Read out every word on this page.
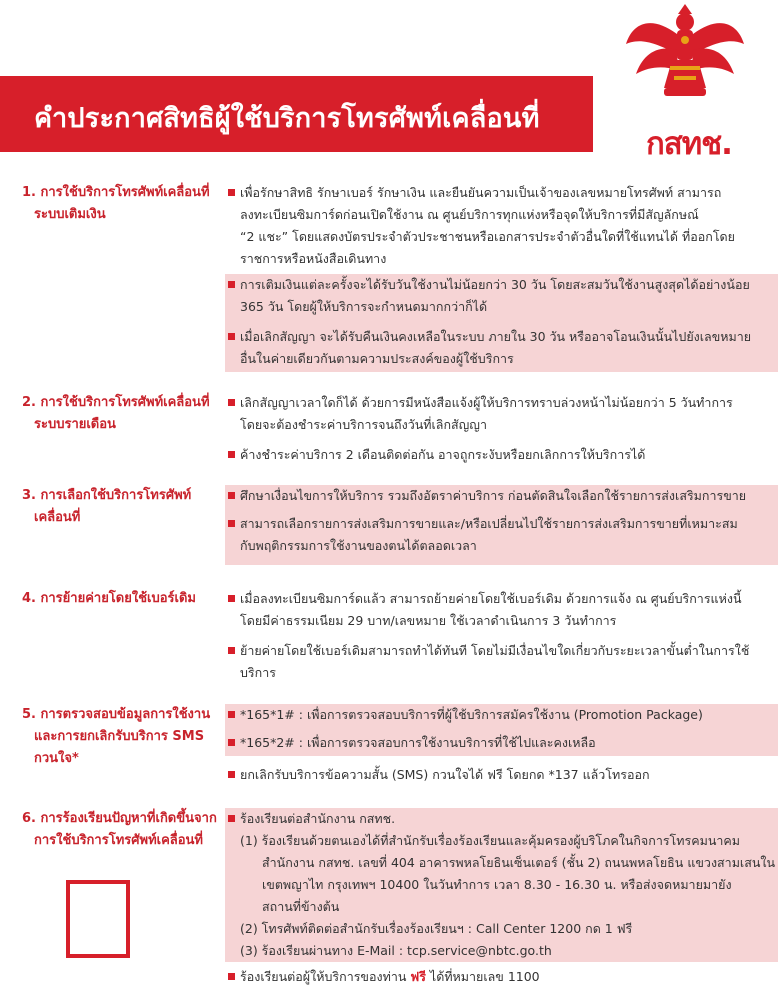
คำประกาศสิทธิผู้ใช้บริการโทรศัพท์เคลื่อนที่
กสทช.
1. การใช้บริการโทรศัพท์เคลื่อนที่
ระบบเติมเงิน
เพื่อรักษาสิทธิ รักษาเบอร์ รักษาเงิน และยืนยันความเป็นเจ้าของเลขหมายโทรศัพท์ สามารถ
ลงทะเบียนซิมการ์ดก่อนเปิดใช้งาน ณ ศูนย์บริการทุกแห่งหรือจุดให้บริการที่มีสัญลักษณ์
“2 แชะ” โดยแสดงบัตรประจำตัวประชาชนหรือเอกสารประจำตัวอื่นใดที่ใช้แทนได้ ที่ออกโดย
ราชการหรือหนังสือเดินทาง
การเติมเงินแต่ละครั้งจะได้รับวันใช้งานไม่น้อยกว่า 30 วัน โดยสะสมวันใช้งานสูงสุดได้อย่างน้อย
365 วัน โดยผู้ให้บริการจะกำหนดมากกว่าก็ได้
เมื่อเลิกสัญญา จะได้รับคืนเงินคงเหลือในระบบ ภายใน 30 วัน หรืออาจโอนเงินนั้นไปยังเลขหมาย
อื่นในค่ายเดียวกันตามความประสงค์ของผู้ใช้บริการ
2. การใช้บริการโทรศัพท์เคลื่อนที่
ระบบรายเดือน
เลิกสัญญาเวลาใดก็ได้ ด้วยการมีหนังสือแจ้งผู้ให้บริการทราบล่วงหน้าไม่น้อยกว่า 5 วันทำการ
โดยจะต้องชำระค่าบริการจนถึงวันที่เลิกสัญญา
ค้างชำระค่าบริการ 2 เดือนติดต่อกัน อาจถูกระงับหรือยกเลิกการให้บริการได้
3. การเลือกใช้บริการโทรศัพท์
เคลื่อนที่
ศึกษาเงื่อนไขการให้บริการ รวมถึงอัตราค่าบริการ ก่อนตัดสินใจเลือกใช้รายการส่งเสริมการขาย
สามารถเลือกรายการส่งเสริมการขายและ/หรือเปลี่ยนไปใช้รายการส่งเสริมการขายที่เหมาะสม
กับพฤติกรรมการใช้งานของตนได้ตลอดเวลา
4. การย้ายค่ายโดยใช้เบอร์เดิม	เมื่อลงทะเบียนซิมการ์ดแล้ว สามารถย้ายค่ายโดยใช้เบอร์เดิม ด้วยการแจ้ง ณ ศูนย์บริการแห่งนี้
โดยมีค่าธรรมเนียม 29 บาท/เลขหมาย ใช้เวลาดำเนินการ 3 วันทำการ
ย้ายค่ายโดยใช้เบอร์เดิมสามารถทำได้ทันที โดยไม่มีเงื่อนไขใดเกี่ยวกับระยะเวลาขั้นต่ำในการใช้
บริการ
5. การตรวจสอบข้อมูลการใช้งาน
และการยกเลิกรับบริการ SMS
กวนใจ*
*165*1# : เพื่อการตรวจสอบบริการที่ผู้ใช้บริการสมัครใช้งาน (Promotion Package)
*165*2# : เพื่อการตรวจสอบการใช้งานบริการที่ใช้ไปและคงเหลือ
ยกเลิกรับบริการข้อความสั้น (SMS) กวนใจได้ ฟรี โดยกด *137 แล้วโทรออก
6. การร้องเรียนปัญหาที่เกิดขึ้นจาก
การใช้บริการโทรศัพท์เคลื่อนที่
ร้องเรียนต่อสำนักงาน กสทช.
(1) ร้องเรียนด้วยตนเองได้ที่สำนักรับเรื่องร้องเรียนและคุ้มครองผู้บริโภคในกิจการโทรคมนาคม
สำนักงาน กสทช. เลขที่ 404 อาคารพหลโยธินเซ็นเตอร์ (ชั้น 2) ถนนพหลโยธิน แขวงสามเสนใน
เขตพญาไท กรุงเทพฯ 10400 ในวันทำการ เวลา 8.30 - 16.30 น. หรือส่งจดหมายมายัง
สถานที่ข้างต้น
(2) โทรศัพท์ติดต่อสำนักรับเรื่องร้องเรียนฯ : Call Center 1200 กด 1 ฟรี
(3) ร้องเรียนผ่านทาง E-Mail : tcp.service@nbtc.go.th
ร้องเรียนต่อผู้ให้บริการของท่าน ฟรี ได้ที่หมายเลข 1100
